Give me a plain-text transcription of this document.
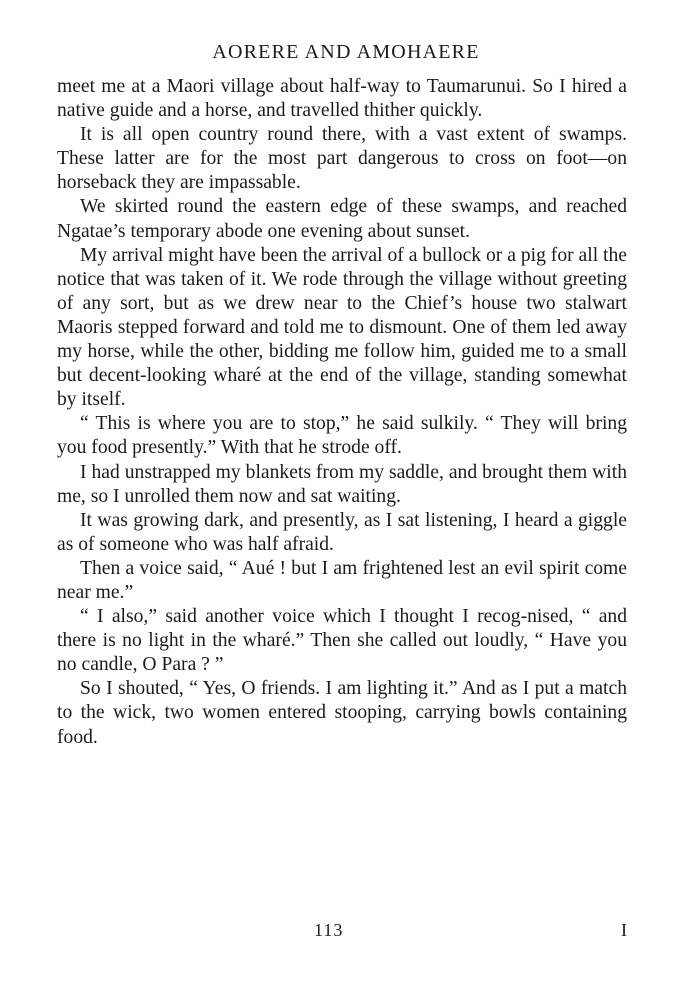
AORERE AND AMOHAERE

meet me at a Maori village about half-way to Taumarunui. So I hired a native guide and a horse, and travelled thither quickly.

It is all open country round there, with a vast extent of swamps. These latter are for the most part dangerous to cross on foot—on horseback they are impassable.

We skirted round the eastern edge of these swamps, and reached Ngatae’s temporary abode one evening about sunset.

My arrival might have been the arrival of a bullock or a pig for all the notice that was taken of it. We rode through the village without greeting of any sort, but as we drew near to the Chief’s house two stalwart Maoris stepped forward and told me to dismount. One of them led away my horse, while the other, bidding me follow him, guided me to a small but decent-looking wharé at the end of the village, standing somewhat by itself.

“ This is where you are to stop,” he said sulkily. “ They will bring you food presently.” With that he strode off.

I had unstrapped my blankets from my saddle, and brought them with me, so I unrolled them now and sat waiting.

It was growing dark, and presently, as I sat listening, I heard a giggle as of someone who was half afraid.

Then a voice said, “ Aué ! but I am frightened lest an evil spirit come near me.”

“ I also,” said another voice which I thought I recog-nised, “ and there is no light in the wharé.” Then she called out loudly, “ Have you no candle, O Para ? ”

So I shouted, “ Yes, O friends. I am lighting it.” And as I put a match to the wick, two women entered stooping, carrying bowls containing food.

113	I
